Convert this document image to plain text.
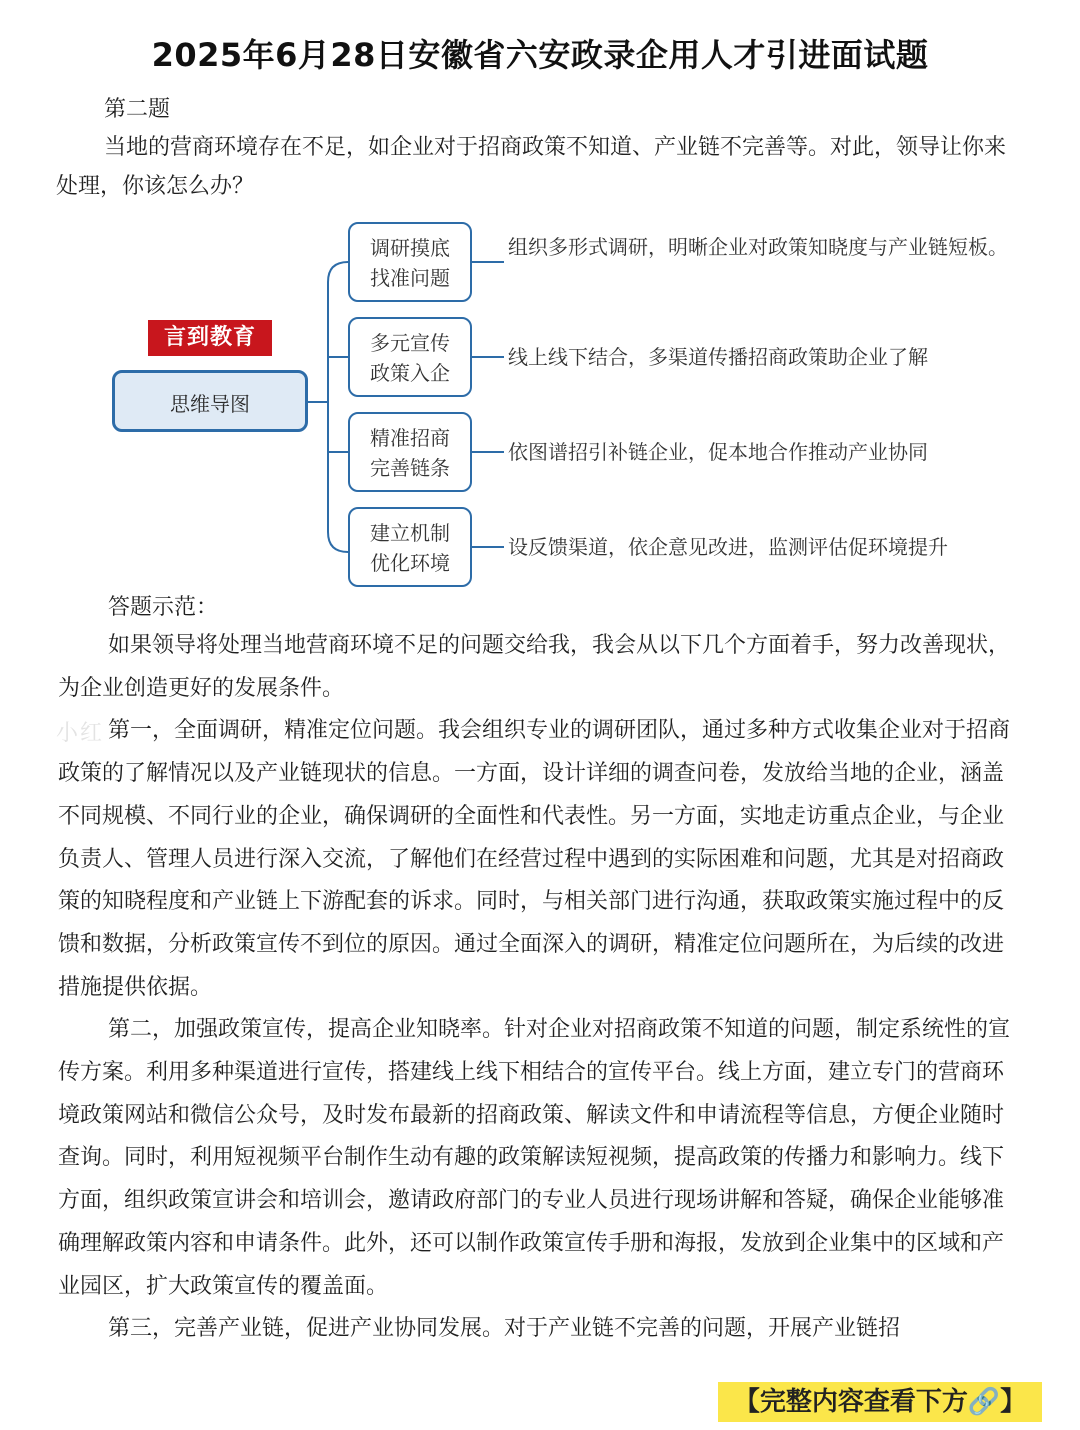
2025年6月28日安徽省六安政录企用人才引进面试题
第二题

当地的营商环境存在不足，如企业对于招商政策不知道、产业链不完善等。对此，领导让你来处理，你该怎么办？

言到教育
思维导图
调研摸底
找准问题
组织多形式调研，明晰企业对政策知晓度与产业链短板。
多元宣传
政策入企
线上线下结合，多渠道传播招商政策助企业了解
精准招商
完善链条
依图谱招引补链企业，促本地合作推动产业协同
建立机制
优化环境
设反馈渠道，依企意见改进，监测评估促环境提升
答题示范：

如果领导将处理当地营商环境不足的问题交给我，我会从以下几个方面着手，努力改善现状，为企业创造更好的发展条件。

第一，全面调研，精准定位问题。我会组织专业的调研团队，通过多种方式收集企业对于招商政策的了解情况以及产业链现状的信息。一方面，设计详细的调查问卷，发放给当地的企业，涵盖不同规模、不同行业的企业，确保调研的全面性和代表性。另一方面，实地走访重点企业，与企业负责人、管理人员进行深入交流，了解他们在经营过程中遇到的实际困难和问题，尤其是对招商政策的知晓程度和产业链上下游配套的诉求。同时，与相关部门进行沟通，获取政策实施过程中的反馈和数据，分析政策宣传不到位的原因。通过全面深入的调研，精准定位问题所在，为后续的改进措施提供依据。

第二，加强政策宣传，提高企业知晓率。针对企业对招商政策不知道的问题，制定系统性的宣传方案。利用多种渠道进行宣传，搭建线上线下相结合的宣传平台。线上方面，建立专门的营商环境政策网站和微信公众号，及时发布最新的招商政策、解读文件和申请流程等信息，方便企业随时查询。同时，利用短视频平台制作生动有趣的政策解读短视频，提高政策的传播力和影响力。线下方面，组织政策宣讲会和培训会，邀请政府部门的专业人员进行现场讲解和答疑，确保企业能够准确理解政策内容和申请条件。此外，还可以制作政策宣传手册和海报，发放到企业集中的区域和产业园区，扩大政策宣传的覆盖面。

第三，完善产业链，促进产业协同发展。对于产业链不完善的问题，开展产业链招

小红
【完整内容查看下方🔗】
